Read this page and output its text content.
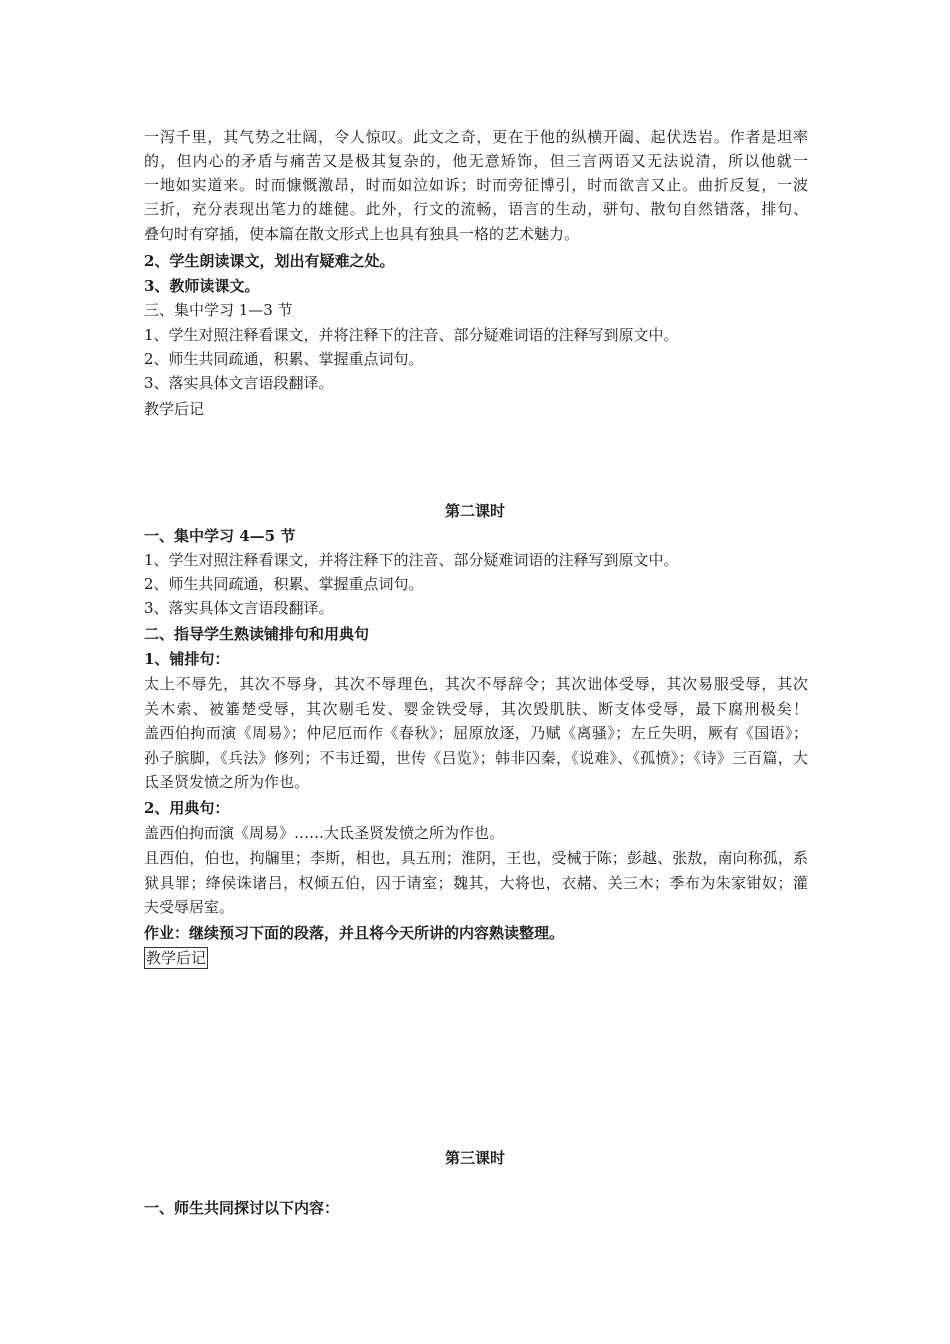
一泻千里，其气势之壮阔，令人惊叹。此文之奇，更在于他的纵横开阖、起伏迭岩。作者是坦率
的，但内心的矛盾与痛苦又是极其复杂的，他无意矫饰，但三言两语又无法说清，所以他就一
一地如实道来。时而慷慨激昂，时而如泣如诉；时而旁征博引，时而欲言又止。曲折反复，一波
三折，充分表现出笔力的雄健。此外，行文的流畅，语言的生动，骈句、散句自然错落，排句、
叠句时有穿插，使本篇在散文形式上也具有独具一格的艺术魅力。
2、学生朗读课文，划出有疑难之处。
3、教师读课文。
三、集中学习 1—3 节
1、学生对照注释看课文，并将注释下的注音、部分疑难词语的注释写到原文中。
2、师生共同疏通，积累、掌握重点词句。
3、落实具体文言语段翻译。
教学后记
第二课时
一、集中学习 4—5 节
1、学生对照注释看课文，并将注释下的注音、部分疑难词语的注释写到原文中。
2、师生共同疏通，积累、掌握重点词句。
3、落实具体文言语段翻译。
二、指导学生熟读铺排句和用典句
1、铺排句：
太上不辱先，其次不辱身，其次不辱理色，其次不辱辞令；其次诎体受辱，其次易服受辱，其次
关木索、被箠楚受辱，其次剔毛发、婴金铁受辱，其次毁肌肤、断支体受辱，最下腐刑极矣！
盖西伯拘而演《周易》；仲尼厄而作《春秋》；屈原放逐，乃赋《离骚》；左丘失明，厥有《国语》；
孙子膑脚，《兵法》修列；不韦迁蜀，世传《吕览》；韩非囚秦，《说难》、《孤愤》；《诗》三百篇，大
氐圣贤发愤之所为作也。
2、用典句：
盖西伯拘而演《周易》……大氐圣贤发愤之所为作也。
且西伯，伯也，拘牖里；李斯，相也，具五刑；淮阴，王也，受械于陈；彭越、张敖，南向称孤，系
狱具罪；绛侯诛诸吕，权倾五伯，囚于请室；魏其，大将也，衣赭、关三木；季布为朱家钳奴；灌
夫受辱居室。
作业：继续预习下面的段落，并且将今天所讲的内容熟读整理。
教学后记
第三课时
一、师生共同探讨以下内容：
